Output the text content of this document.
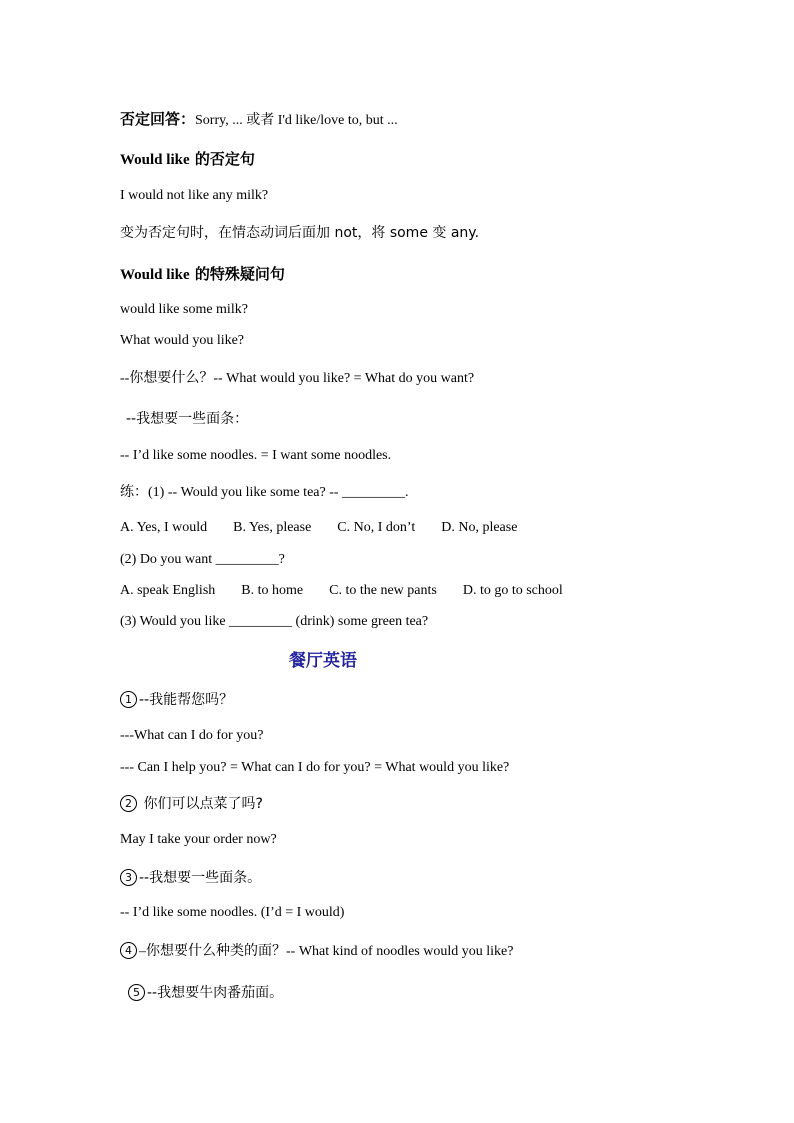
否定回答：Sorry, ... 或者 I'd like/love to, but ...
Would like 的否定句
I would not like any milk?
变为否定句时，在情态动词后面加 not，将 some 变 any.
Would like 的特殊疑问句
would like some milk?
What would you like?
--你想要什么？-- What would you like? = What do you want?
--我想要一些面条：
-- I’d like some noodles. = I want some noodles.
练：(1) -- Would you like some tea? -- _________.
A. Yes, I would B. Yes, please C. No, I don’t D. No, please
(2) Do you want _________?
A. speak English B. to home C. to the new pants D. to go to school
(3) Would you like _________ (drink) some green tea?
餐厅英语
1 --我能帮您吗？
---What can I do for you?
--- Can I help you? = What can I do for you? = What would you like?
2 你们可以点菜了吗?
May I take your order now?
3 --我想要一些面条。
-- I’d like some noodles. (I’d = I would)
4 –你想要什么种类的面？-- What kind of noodles would you like?
5 --我想要牛肉番茄面。
